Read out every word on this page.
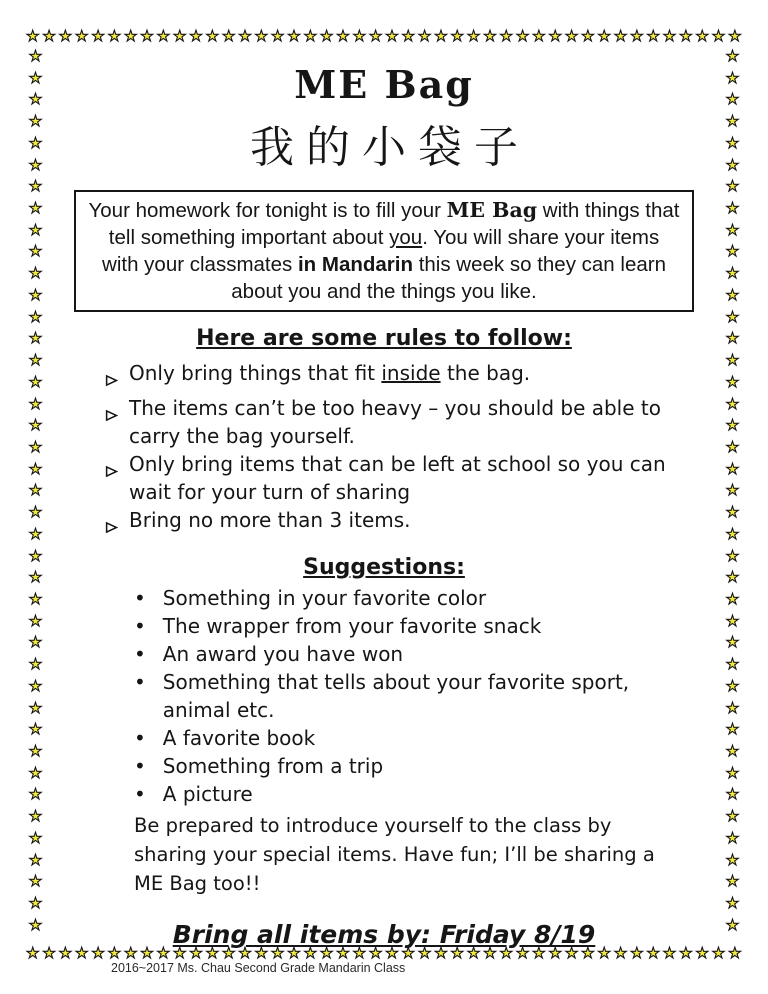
★ ★ ★ ★ ★ ★ ★ ★ ★ ★ ★ ★ ★ ★ ★ ★ ★ ★ ★ ★ ★ ★ ★ ★ ★ ★ ★ ★ ★ ★ ★ ★ ★ ★ ★ ★ ★ ★ ★ ★ ★ ★ ★ ★
★ ★ ★ ★ ★ ★ ★ ★ ★ ★ ★ ★ ★ ★ ★ ★ ★ ★ ★ ★ ★ ★ ★ ★ ★ ★ ★ ★ ★ ★ ★ ★ ★ ★ ★ ★ ★ ★ ★ ★ ★ ★ ★ ★
★
★
★
★
★
★
★
★
★
★
★
★
★
★
★
★
★
★
★
★
★
★
★
★
★
★
★
★
★
★
★
★
★
★
★
★
★
★
★
★
★
★
★
★
★
★
★
★
★
★
★
★
★
★
★
★
★
★
★
★
★
★
★
★
★
★
★
★
★
★
★
★
★
★
★
★
★
★
★
★
★
★
ME Bag
我的小袋子
Your homework for tonight is to fill your ME Bag with things that tell something important about you. You will share your items with your classmates in Mandarin this week so they can learn about you and the things you like.
Here are some rules to follow:
Only bring things that fit inside the bag.
The items can’t be too heavy – you should be able to carry the bag yourself.
Only bring items that can be left at school so you can wait for your turn of sharing
Bring no more than 3 items.
Suggestions:
• Something in your favorite color
• The wrapper from your favorite snack
• An award you have won
• Something that tells about your favorite sport, animal etc.
• A favorite book
• Something from a trip
• A picture

Be prepared to introduce yourself to the class by sharing your special items. Have fun; I’ll be sharing a ME Bag too!!

Bring all items by: Friday 8/19
2016~2017 Ms. Chau Second Grade Mandarin Class
